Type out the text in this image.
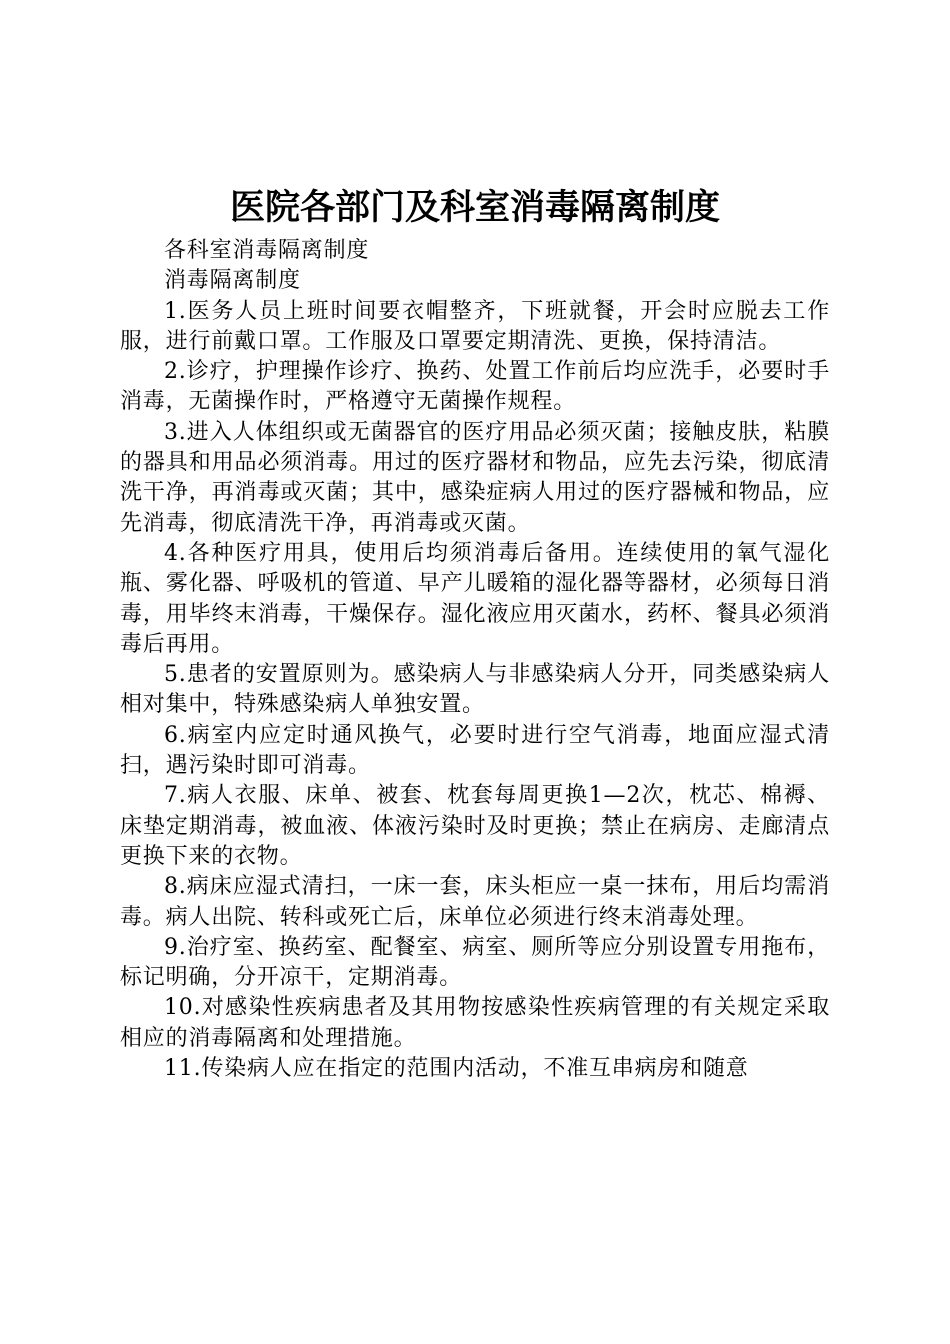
医院各部门及科室消毒隔离制度

各科室消毒隔离制度

消毒隔离制度

1.医务人员上班时间要衣帽整齐，下班就餐，开会时应脱去工作服，进行前戴口罩。工作服及口罩要定期清洗、更换，保持清洁。

2.诊疗，护理操作诊疗、换药、处置工作前后均应洗手，必要时手消毒，无菌操作时，严格遵守无菌操作规程。

3.进入人体组织或无菌器官的医疗用品必须灭菌；接触皮肤，粘膜的器具和用品必须消毒。用过的医疗器材和物品，应先去污染，彻底清洗干净，再消毒或灭菌；其中，感染症病人用过的医疗器械和物品，应先消毒，彻底清洗干净，再消毒或灭菌。

4.各种医疗用具，使用后均须消毒后备用。连续使用的氧气湿化瓶、雾化器、呼吸机的管道、早产儿暖箱的湿化器等器材，必须每日消毒，用毕终末消毒，干燥保存。湿化液应用灭菌水，药杯、餐具必须消毒后再用。

5.患者的安置原则为。感染病人与非感染病人分开，同类感染病人相对集中，特殊感染病人单独安置。

6.病室内应定时通风换气，必要时进行空气消毒，地面应湿式清扫，遇污染时即可消毒。

7.病人衣服、床单、被套、枕套每周更换1—2次，枕芯、棉褥、床垫定期消毒，被血液、体液污染时及时更换；禁止在病房、走廊清点更换下来的衣物。

8.病床应湿式清扫，一床一套，床头柜应一桌一抹布，用后均需消毒。病人出院、转科或死亡后，床单位必须进行终末消毒处理。

9.治疗室、换药室、配餐室、病室、厕所等应分别设置专用拖布，标记明确，分开凉干，定期消毒。

10.对感染性疾病患者及其用物按感染性疾病管理的有关规定采取相应的消毒隔离和处理措施。

11.传染病人应在指定的范围内活动，不准互串病房和随意
